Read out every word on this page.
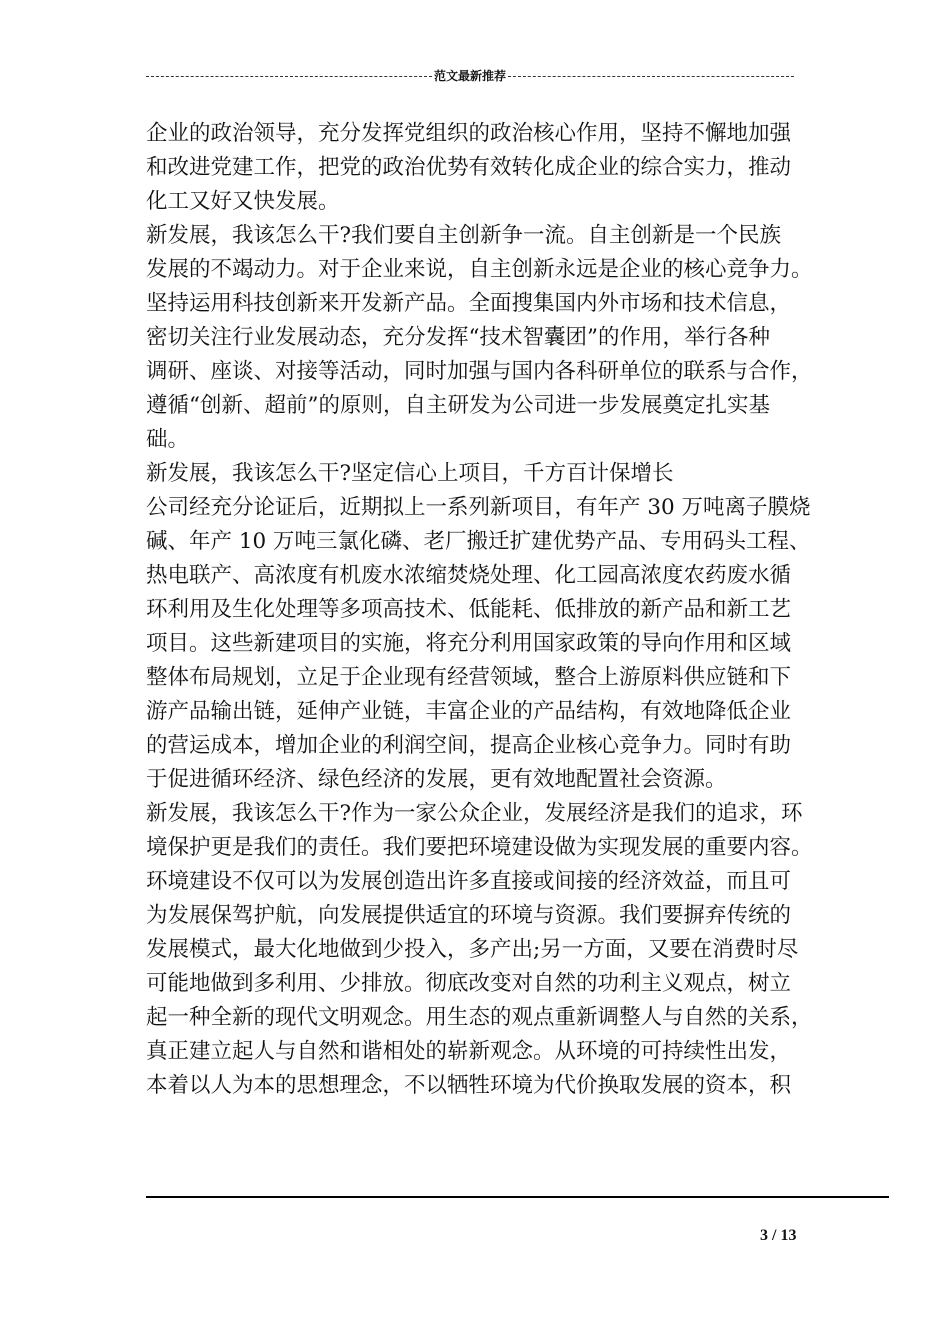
范文最新推荐
企业的政治领导，充分发挥党组织的政治核心作用，坚持不懈地加强
和改进党建工作，把党的政治优势有效转化成企业的综合实力，推动
化工又好又快发展。
新发展，我该怎么干?我们要自主创新争一流。自主创新是一个民族
发展的不竭动力。对于企业来说，自主创新永远是企业的核心竞争力。
坚持运用科技创新来开发新产品。全面搜集国内外市场和技术信息，
密切关注行业发展动态，充分发挥“技术智囊团”的作用，举行各种
调研、座谈、对接等活动，同时加强与国内各科研单位的联系与合作，
遵循“创新、超前”的原则，自主研发为公司进一步发展奠定扎实基
础。
新发展，我该怎么干?坚定信心上项目，千方百计保增长
公司经充分论证后，近期拟上一系列新项目，有年产 30 万吨离子膜烧
碱、年产 10 万吨三氯化磷、老厂搬迁扩建优势产品、专用码头工程、
热电联产、高浓度有机废水浓缩焚烧处理、化工园高浓度农药废水循
环利用及生化处理等多项高技术、低能耗、低排放的新产品和新工艺
项目。这些新建项目的实施，将充分利用国家政策的导向作用和区域
整体布局规划，立足于企业现有经营领域，整合上游原料供应链和下
游产品输出链，延伸产业链，丰富企业的产品结构，有效地降低企业
的营运成本，增加企业的利润空间，提高企业核心竞争力。同时有助
于促进循环经济、绿色经济的发展，更有效地配置社会资源。
新发展，我该怎么干?作为一家公众企业，发展经济是我们的追求，环
境保护更是我们的责任。我们要把环境建设做为实现发展的重要内容。
环境建设不仅可以为发展创造出许多直接或间接的经济效益，而且可
为发展保驾护航，向发展提供适宜的环境与资源。我们要摒弃传统的
发展模式，最大化地做到少投入，多产出;另一方面，又要在消费时尽
可能地做到多利用、少排放。彻底改变对自然的功利主义观点，树立
起一种全新的现代文明观念。用生态的观点重新调整人与自然的关系，
真正建立起人与自然和谐相处的崭新观念。从环境的可持续性出发，
本着以人为本的思想理念，不以牺牲环境为代价换取发展的资本，积
3 / 13
